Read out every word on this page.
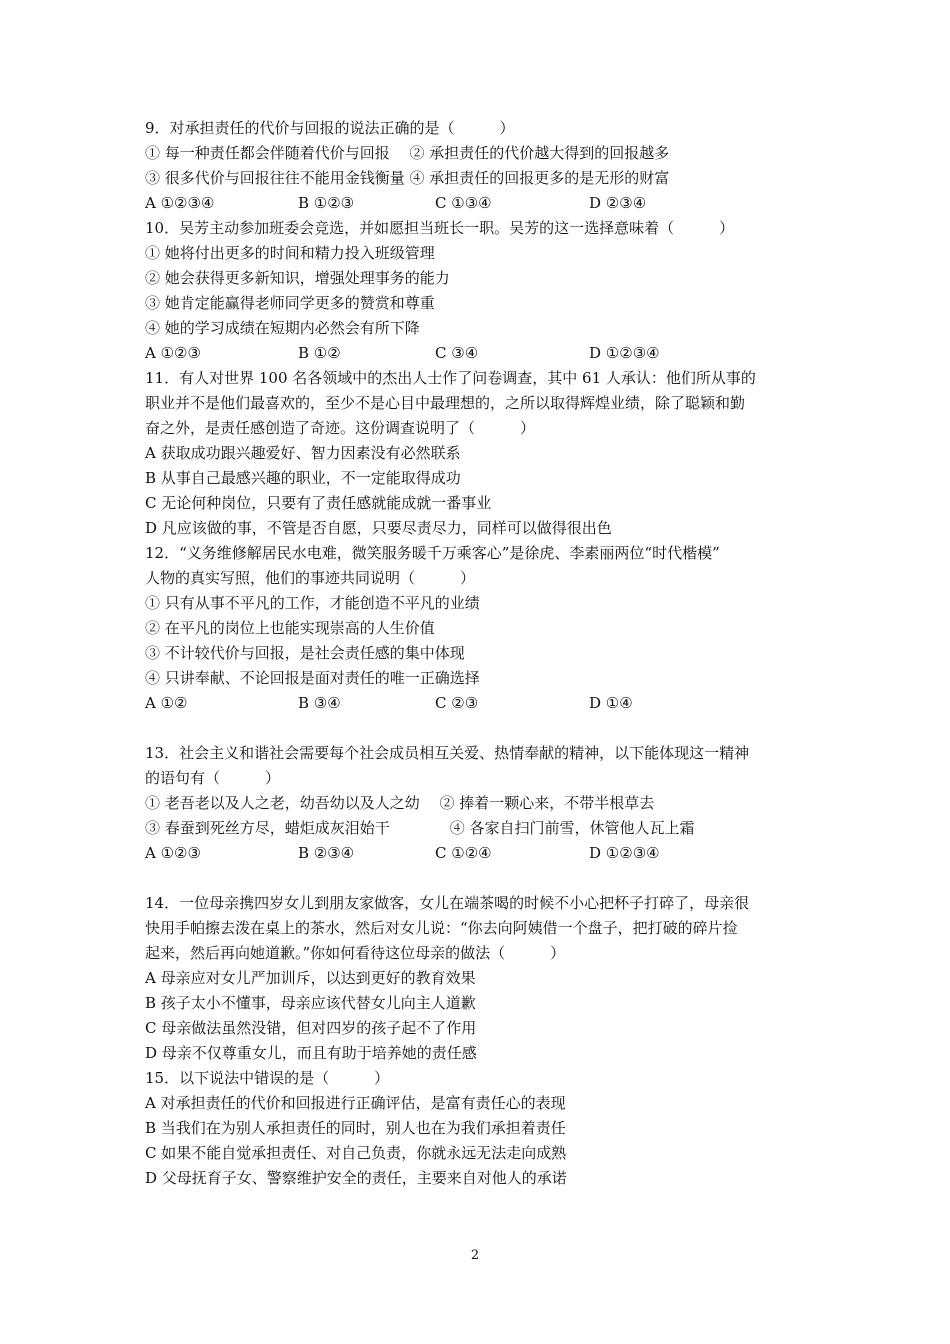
9．对承担责任的代价与回报的说法正确的是（　　　）
① 每一种责任都会伴随着代价与回报　 ② 承担责任的代价越大得到的回报越多
③ 很多代价与回报往往不能用金钱衡量 ④ 承担责任的回报更多的是无形的财富
A ①②③④	B ①②③	C ①③④	D ②③④
10．吴芳主动参加班委会竞选，并如愿担当班长一职。吴芳的这一选择意味着（　　　）
① 她将付出更多的时间和精力投入班级管理
② 她会获得更多新知识，增强处理事务的能力
③ 她肯定能赢得老师同学更多的赞赏和尊重
④ 她的学习成绩在短期内必然会有所下降
A ①②③	B ①②	C ③④	D ①②③④
11．有人对世界 100 名各领域中的杰出人士作了问卷调查，其中 61 人承认：他们所从事的
职业并不是他们最喜欢的，至少不是心目中最理想的，之所以取得辉煌业绩，除了聪颖和勤
奋之外，是责任感创造了奇迹。这份调查说明了（　　　）
A 获取成功跟兴趣爱好、智力因素没有必然联系
B 从事自己最感兴趣的职业，不一定能取得成功
C 无论何种岗位，只要有了责任感就能成就一番事业
D 凡应该做的事，不管是否自愿，只要尽责尽力，同样可以做得很出色
12．“义务维修解居民水电难，微笑服务暖千万乘客心”是徐虎、李素丽两位“时代楷模”
人物的真实写照，他们的事迹共同说明（　　　）
① 只有从事不平凡的工作，才能创造不平凡的业绩
② 在平凡的岗位上也能实现崇高的人生价值
③ 不计较代价与回报，是社会责任感的集中体现
④ 只讲奉献、不论回报是面对责任的唯一正确选择
A ①②	B ③④	C ②③	D ①④
13．社会主义和谐社会需要每个社会成员相互关爱、热情奉献的精神，以下能体现这一精神
的语句有（　　　）
① 老吾老以及人之老，幼吾幼以及人之幼 　② 捧着一颗心来，不带半根草去
③ 春蚕到死丝方尽，蜡炬成灰泪始干　　　　④ 各家自扫门前雪，休管他人瓦上霜
A ①②③	B ②③④	C ①②④	D ①②③④
14．一位母亲携四岁女儿到朋友家做客，女儿在端茶喝的时候不小心把杯子打碎了，母亲很
快用手帕擦去泼在桌上的茶水，然后对女儿说：“你去向阿姨借一个盘子，把打破的碎片捡
起来，然后再向她道歉。”你如何看待这位母亲的做法（　　　）
A 母亲应对女儿严加训斥，以达到更好的教育效果
B 孩子太小不懂事，母亲应该代替女儿向主人道歉
C 母亲做法虽然没错，但对四岁的孩子起不了作用
D 母亲不仅尊重女儿，而且有助于培养她的责任感
15．以下说法中错误的是（　　　）
A 对承担责任的代价和回报进行正确评估，是富有责任心的表现
B 当我们在为别人承担责任的同时，别人也在为我们承担着责任
C 如果不能自觉承担责任、对自己负责，你就永远无法走向成熟
D 父母抚育子女、警察维护安全的责任，主要来自对他人的承诺
2
